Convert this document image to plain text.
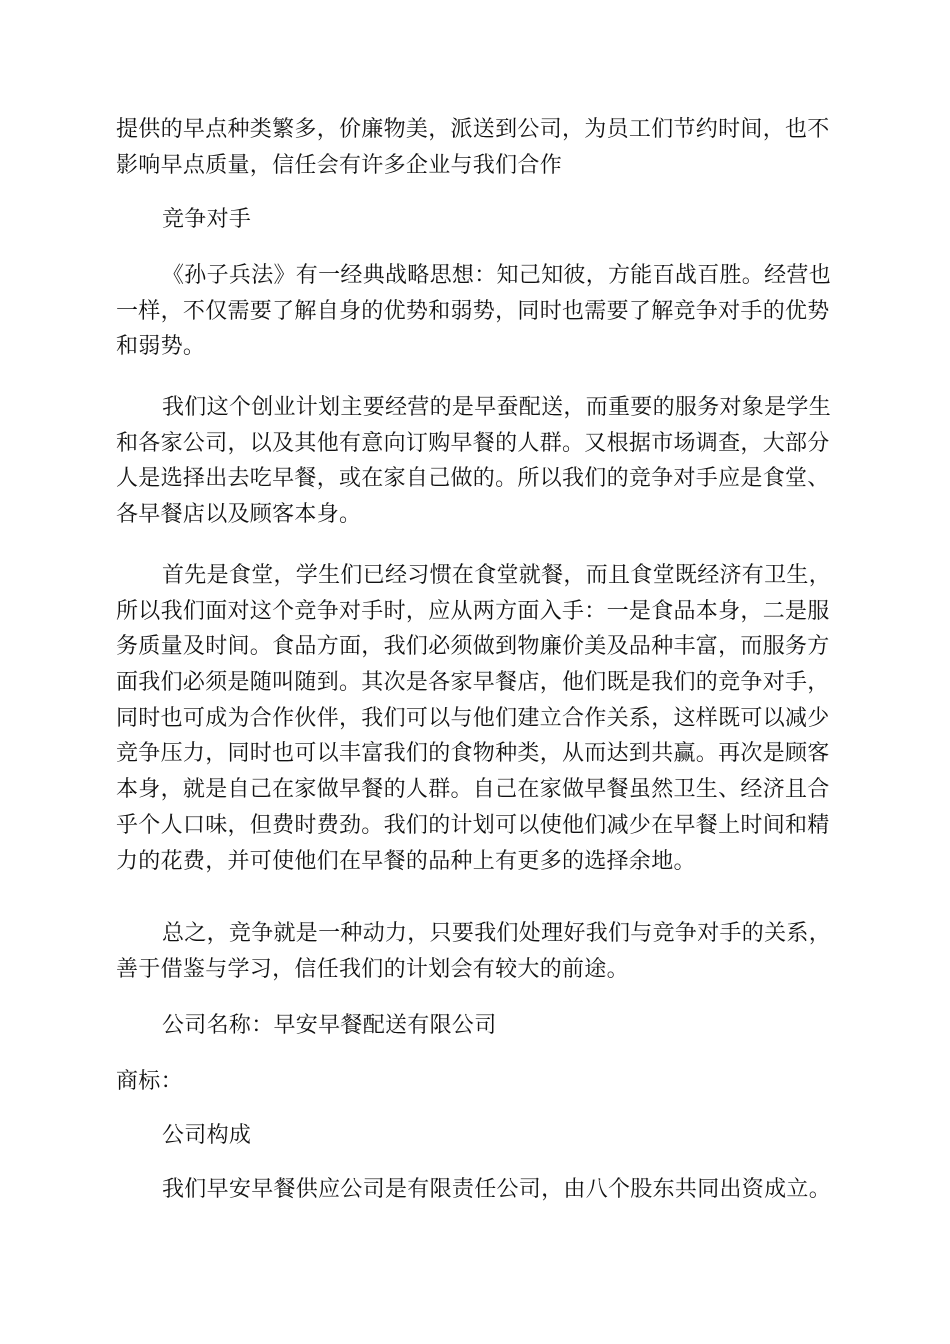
提供的早点种类繁多，价廉物美，派送到公司，为员工们节约时间，也不
影响早点质量，信任会有许多企业与我们合作
竞争对手
《孙子兵法》有一经典战略思想：知己知彼，方能百战百胜。经营也
一样，不仅需要了解自身的优势和弱势，同时也需要了解竞争对手的优势
和弱势。
我们这个创业计划主要经营的是早蚕配送，而重要的服务对象是学生
和各家公司，以及其他有意向订购早餐的人群。又根据市场调查，大部分
人是选择出去吃早餐，或在家自己做的。所以我们的竞争对手应是食堂、
各早餐店以及顾客本身。
首先是食堂，学生们已经习惯在食堂就餐，而且食堂既经济有卫生，
所以我们面对这个竞争对手时，应从两方面入手：一是食品本身，二是服
务质量及时间。食品方面，我们必须做到物廉价美及品种丰富，而服务方
面我们必须是随叫随到。其次是各家早餐店，他们既是我们的竞争对手，
同时也可成为合作伙伴，我们可以与他们建立合作关系，这样既可以减少
竞争压力，同时也可以丰富我们的食物种类，从而达到共赢。再次是顾客
本身，就是自己在家做早餐的人群。自己在家做早餐虽然卫生、经济且合
乎个人口味，但费时费劲。我们的计划可以使他们减少在早餐上时间和精
力的花费，并可使他们在早餐的品种上有更多的选择余地。
总之，竞争就是一种动力，只要我们处理好我们与竞争对手的关系，
善于借鉴与学习，信任我们的计划会有较大的前途。
公司名称：早安早餐配送有限公司
商标：
公司构成
我们早安早餐供应公司是有限责任公司，由八个股东共同出资成立。
